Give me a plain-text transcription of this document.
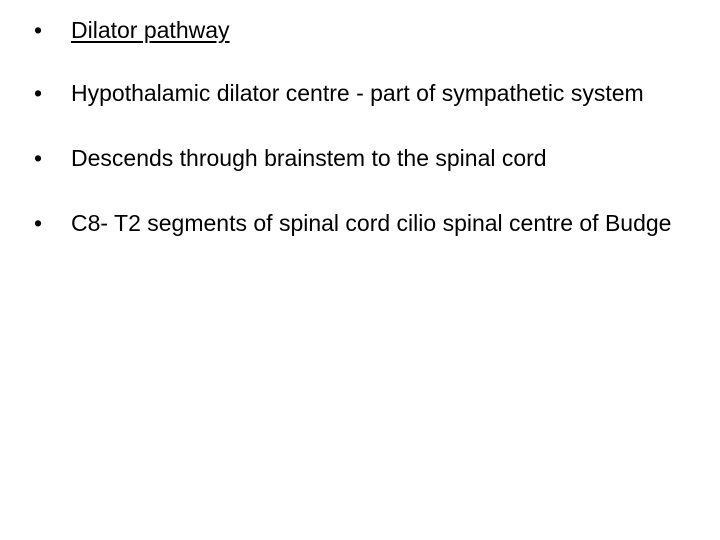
•	Dilator pathway
•	Hypothalamic dilator centre - part of sympathetic system
•	Descends through brainstem to the spinal cord
•	C8- T2 segments of spinal cord cilio spinal centre of Budge
